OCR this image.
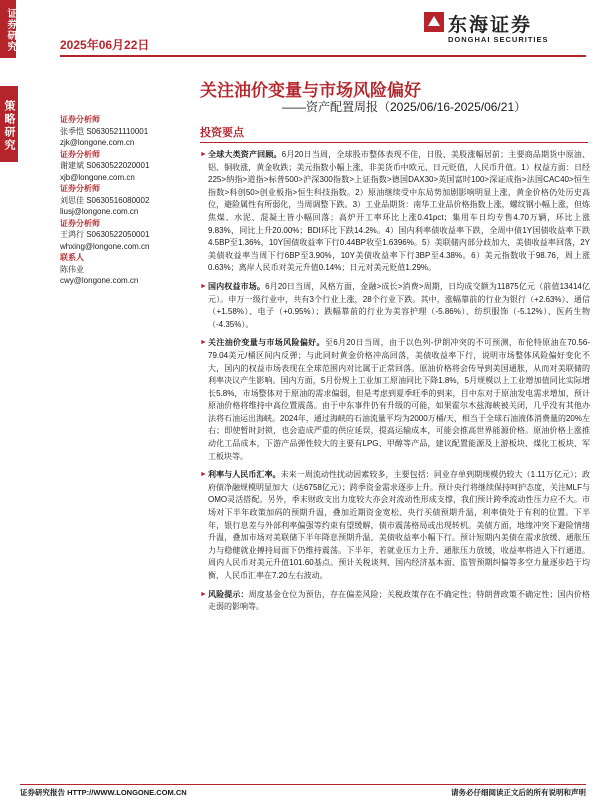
证券研究
策略研究
2025年06月22日
东海证券
DONGHAI SECURITIES
关注油价变量与市场风险偏好
——资产配置周报（2025/06/16-2025/06/21）
证券分析师
张季恺 S0630521110001
zjk@longone.com.cn
证券分析师
谢建斌 S0630522020001
xjb@longone.com.cn
证券分析师
刘思佳 S0630516080002
liusj@longone.com.cn
证券分析师
王鸿行 S0630522050001
whxing@longone.com.cn
联系人
陈伟业
cwy@longone.com.cn
投资要点
► 全球大类资产回顾。6月20日当周，全球股市整体表现不佳，日股、美股涨幅居前；主要商品期货中原油、铝、铜收涨，黄金收跌；美元指数小幅上涨，非美货币中欧元、日元贬值，人民币升值。1）权益方面：日经225>纳指>道指>标普500>沪深300指数>上证指数>德国DAX30>英国富时100>深证成指>法国CAC40>恒生指数>科创50>创业板指>恒生科技指数。2）原油继续受中东局势加剧影响明显上涨，黄金价格仍处历史高位，避险属性有所弱化，当周调整下跌。3）工业品期货：南华工业品价格指数上涨，螺纹钢小幅上涨，但炼焦煤、水泥、混凝土皆小幅回落；高炉开工率环比上涨0.41pct；集用车日均专售4.70万辆，环比上涨9.83%，同比上升20.00%；BDI环比下跌14.2%。4）国内利率债收益率下跌，全周中债1Y国债收益率下跌4.5BP至1.36%，10Y国债收益率下行0.44BP收至1.6396%。5）美联储内部分歧加大，美债收益率回落，2Y美债收益率当周下行6BP至3.90%，10Y美债收益率下行3BP至4.38%。6）美元指数收于98.76，周上涨0.63%；离岸人民币对美元升值0.14%；日元对美元贬值1.29%。
► 国内权益市场。6月20日当周，风格方面，金融>成长>消费>周期，日均成交额为11875亿元（前值13414亿元）。申万一级行业中，共有3个行业上涨，28个行业下跌。其中，涨幅靠前的行业为银行（+2.63%）、通信（+1.58%）、电子（+0.95%）；跌幅靠前的行业为美容护理（-5.86%）、纺织服饰（-5.12%）、医药生物（-4.35%）。
► 关注油价变量与市场风险偏好。至6月20日当周，由于以色列-伊朗冲突的不可预测，布伦特原油在70.56-79.04美元/桶区间内反弹；与此同时黄金价格冲高回落，美债收益率下行，说明市场整体风险偏好变化不大，国内的权益市场表现在全球范围内对比属于正常回落。原油价格将会传导到美国通胀，从而对美联储的利率决议产生影响。国内方面，5月份规上工业加工原油同比下降1.8%，5月规模以上工业增加值同比实际增长5.8%，市场整体对于原油的需求偏弱，但是考虑到夏季旺季的到来，目中东对于原油发电需求增加，预计原油价格将维持中高位置震荡。由于中东事件仍有升级的可能，如果霍尔木兹海峡被关闭，几乎没有其他办法将石油运出海峡。2024年，通过海峡的石油流量平均为2000万桶/天，相当于全球石油液体消费量的20%左右；即使暂时封锁，也会造成严重的供应延误，提高运输成本，可能会推高世界能源价格。原油价格上涨推动化工品成本，下游产品弹性较大的主要有LPG、甲醇等产品，建议配置能源及上游板块、煤化工板块、军工板块等。
► 利率与人民币汇率。未来一周流动性扰动因素较多，主要包括：同业存单到期规模仍较大（1.11万亿元）；政府债净融规模明显加大（达6758亿元）；跨季资金需求逐步上升。预计央行将继续保持呵护态度，关注MLF与OMO灵活搭配。另外，季末财政支出力度较大亦会对流动性形成支撑，我们预计跨季流动性压力应不大。市场对下半年政策加码的预期升温，叠加近期资金宽松、央行买债预期升温，利率债处于有利的位置。下半年，银行息差与外部利率偏强等约束有望缓解，债市震荡格局或出现转机。美债方面，地缘冲突下避险情绪升温，叠加市场对美联储下半年降息预期升温，美债收益率小幅下行。预计短期内美债在需求放缓、通胀压力与稳健就业搏持局面下仍维持震荡。下半年，若就业压力上升、通胀压力放缓，收益率将进入下行通道。周内人民币对美元升值101.60基点。预计关税谈判、国内经济基本面、监管预期纠偏等多空力量逐步趋于均衡，人民币汇率在7.20左右波动。
► 风险提示：周度基金仓位为预估，存在偏差风险；关税政策存在不确定性；特朗普政策不确定性；国内价格走弱的影响等。
证券研究报告 HTTP://WWW.LONGONE.COM.CN	请务必仔细阅读正文后的所有说明和声明
